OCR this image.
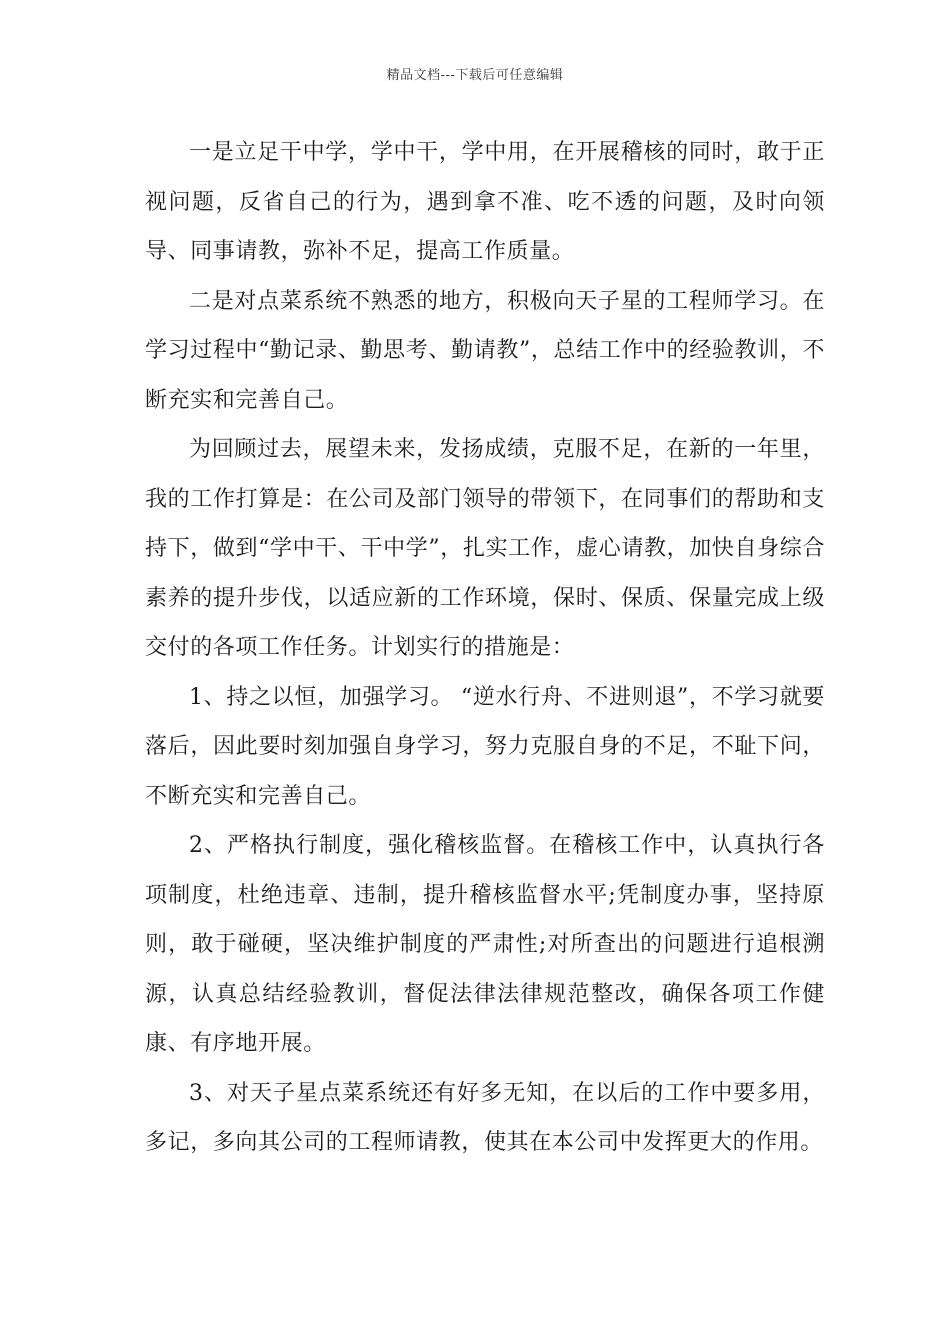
精品文档---下载后可任意编辑

一是立足干中学，学中干，学中用，在开展稽核的同时，敢于正视问题，反省自己的行为，遇到拿不准、吃不透的问题，及时向领导、同事请教，弥补不足，提高工作质量。

二是对点菜系统不熟悉的地方，积极向天子星的工程师学习。在学习过程中“勤记录、勤思考、勤请教”，总结工作中的经验教训，不断充实和完善自己。

为回顾过去，展望未来，发扬成绩，克服不足，在新的一年里，我的工作打算是：在公司及部门领导的带领下，在同事们的帮助和支持下，做到“学中干、干中学”，扎实工作，虚心请教，加快自身综合素养的提升步伐，以适应新的工作环境，保时、保质、保量完成上级交付的各项工作任务。计划实行的措施是：

1、持之以恒，加强学习。 “逆水行舟、不进则退”，不学习就要落后，因此要时刻加强自身学习，努力克服自身的不足，不耻下问，不断充实和完善自己。

2、严格执行制度，强化稽核监督。在稽核工作中，认真执行各项制度，杜绝违章、违制，提升稽核监督水平;凭制度办事，坚持原则，敢于碰硬，坚决维护制度的严肃性;对所查出的问题进行追根溯源，认真总结经验教训，督促法律法律规范整改，确保各项工作健康、有序地开展。

3、对天子星点菜系统还有好多无知，在以后的工作中要多用，多记，多向其公司的工程师请教，使其在本公司中发挥更大的作用。
